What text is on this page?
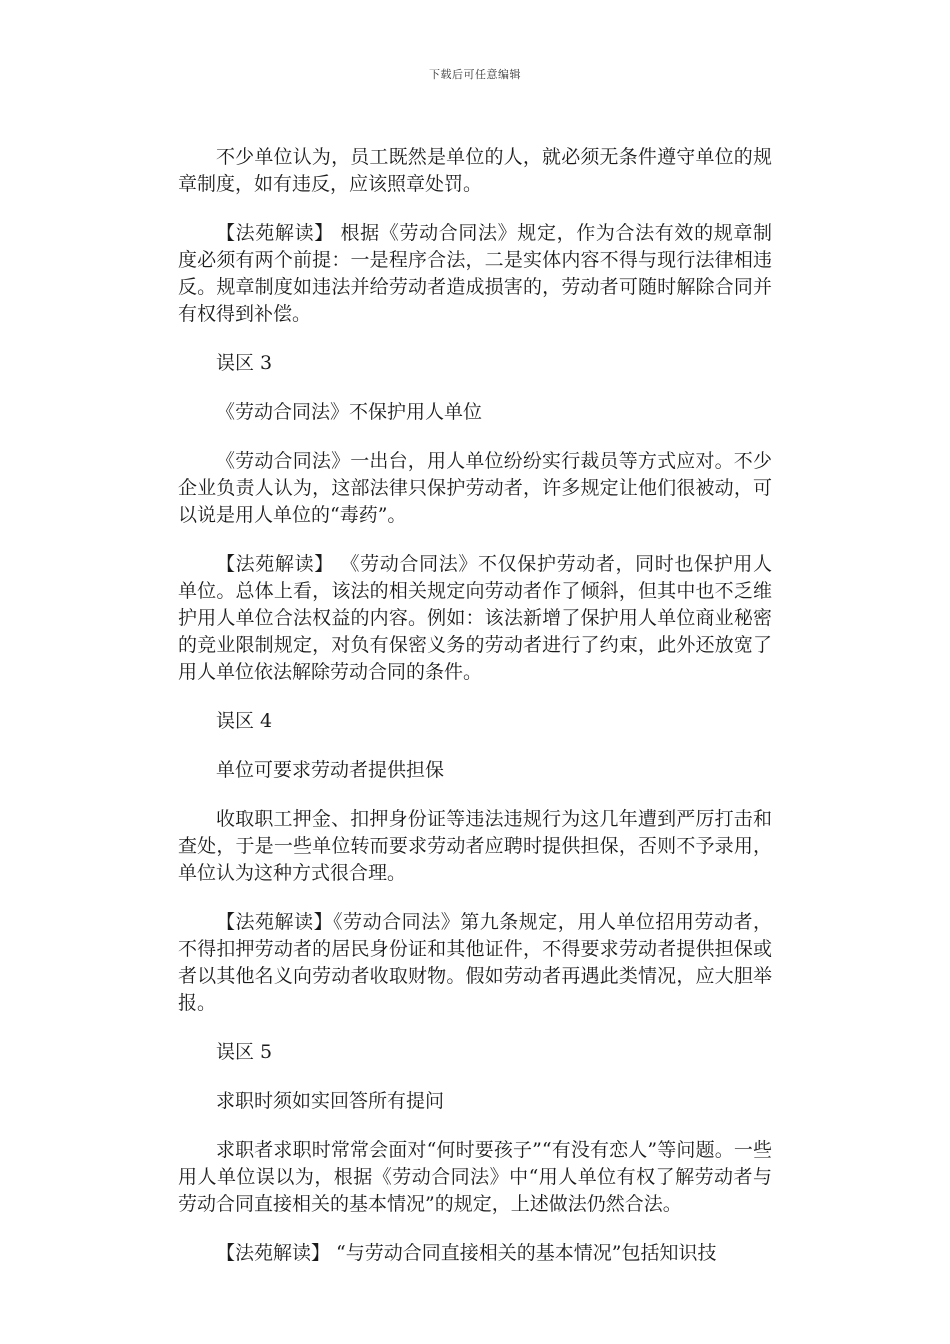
下载后可任意编辑

不少单位认为，员工既然是单位的人，就必须无条件遵守单位的规章制度，如有违反，应该照章处罚。

【法苑解读】 根据《劳动合同法》规定，作为合法有效的规章制度必须有两个前提：一是程序合法，二是实体内容不得与现行法律相违反。规章制度如违法并给劳动者造成损害的，劳动者可随时解除合同并有权得到补偿。

误区 3

《劳动合同法》不保护用人单位

《劳动合同法》一出台，用人单位纷纷实行裁员等方式应对。不少企业负责人认为，这部法律只保护劳动者，许多规定让他们很被动，可以说是用人单位的“毒药”。

【法苑解读】 《劳动合同法》不仅保护劳动者，同时也保护用人单位。总体上看，该法的相关规定向劳动者作了倾斜，但其中也不乏维护用人单位合法权益的内容。例如：该法新增了保护用人单位商业秘密的竞业限制规定，对负有保密义务的劳动者进行了约束，此外还放宽了用人单位依法解除劳动合同的条件。

误区 4

单位可要求劳动者提供担保

收取职工押金、扣押身份证等违法违规行为这几年遭到严厉打击和查处，于是一些单位转而要求劳动者应聘时提供担保，否则不予录用，单位认为这种方式很合理。

【法苑解读】《劳动合同法》第九条规定，用人单位招用劳动者，不得扣押劳动者的居民身份证和其他证件，不得要求劳动者提供担保或者以其他名义向劳动者收取财物。假如劳动者再遇此类情况，应大胆举报。

误区 5

求职时须如实回答所有提问

求职者求职时常常会面对“何时要孩子”“有没有恋人”等问题。一些用人单位误以为，根据《劳动合同法》中“用人单位有权了解劳动者与劳动合同直接相关的基本情况”的规定，上述做法仍然合法。

【法苑解读】 “与劳动合同直接相关的基本情况”包括知识技
